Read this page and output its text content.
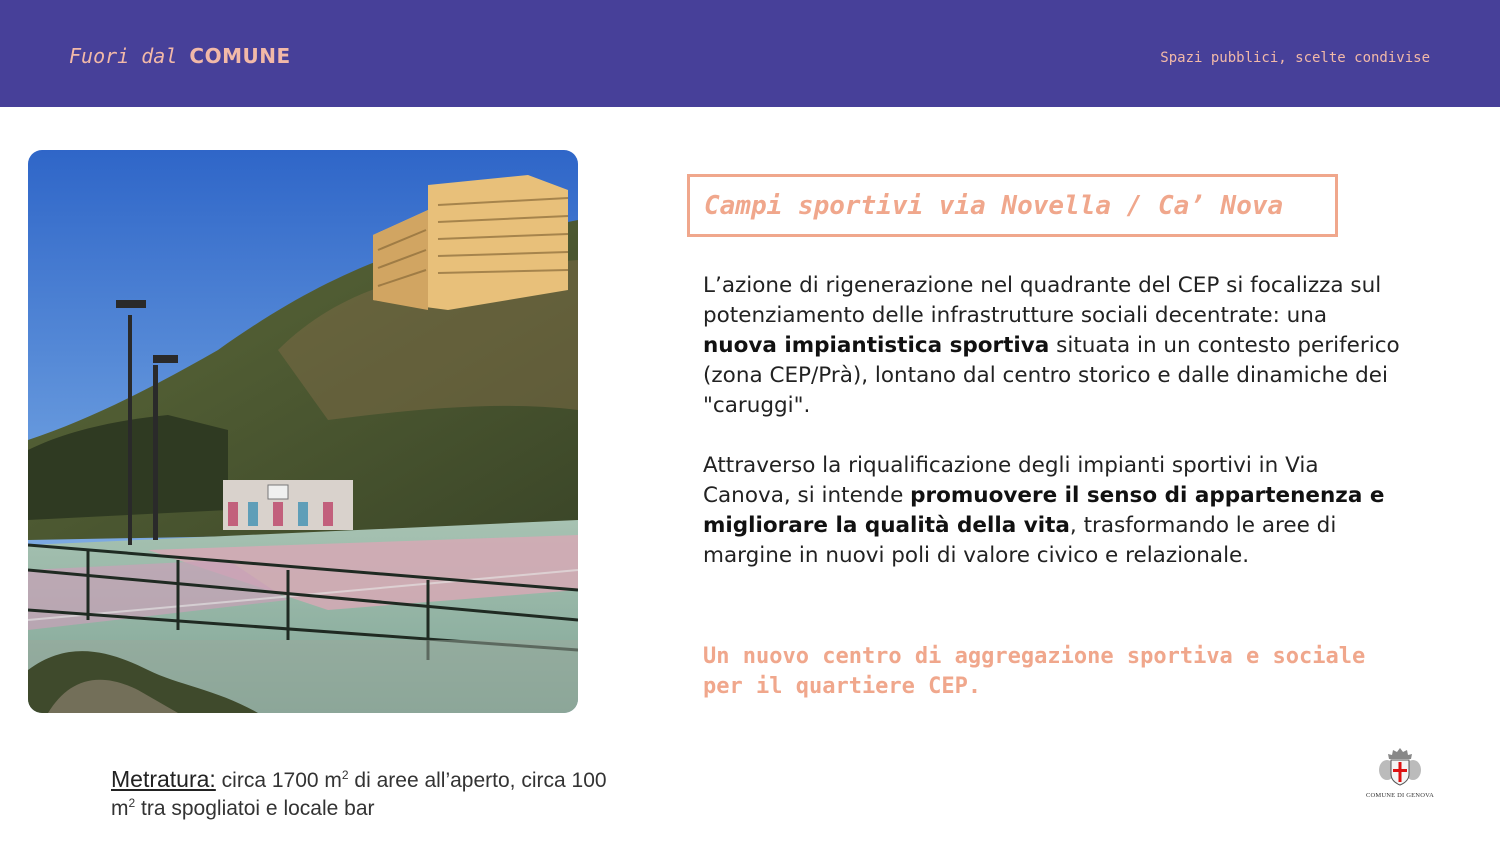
Fuori dal COMUNE	Spazi pubblici, scelte condivise
Campi sportivi via Novella / Ca’ Nova

L’azione di rigenerazione nel quadrante del CEP si focalizza sul potenziamento delle infrastrutture sociali decentrate: una nuova impiantistica sportiva situata in un contesto periferico (zona CEP/Prà), lontano dal centro storico e dalle dinamiche dei "caruggi".

Attraverso la riqualificazione degli impianti sportivi in Via Canova, si intende promuovere il senso di appartenenza e migliorare la qualità della vita, trasformando le aree di margine in nuovi poli di valore civico e relazionale.

Un nuovo centro di aggregazione sportiva e sociale per il quartiere CEP.
Metratura: circa 1700 $m^2$ di aree all’aperto, circa 100 $m^2$ tra spogliatoi e locale bar
COMUNE DI GENOVA
